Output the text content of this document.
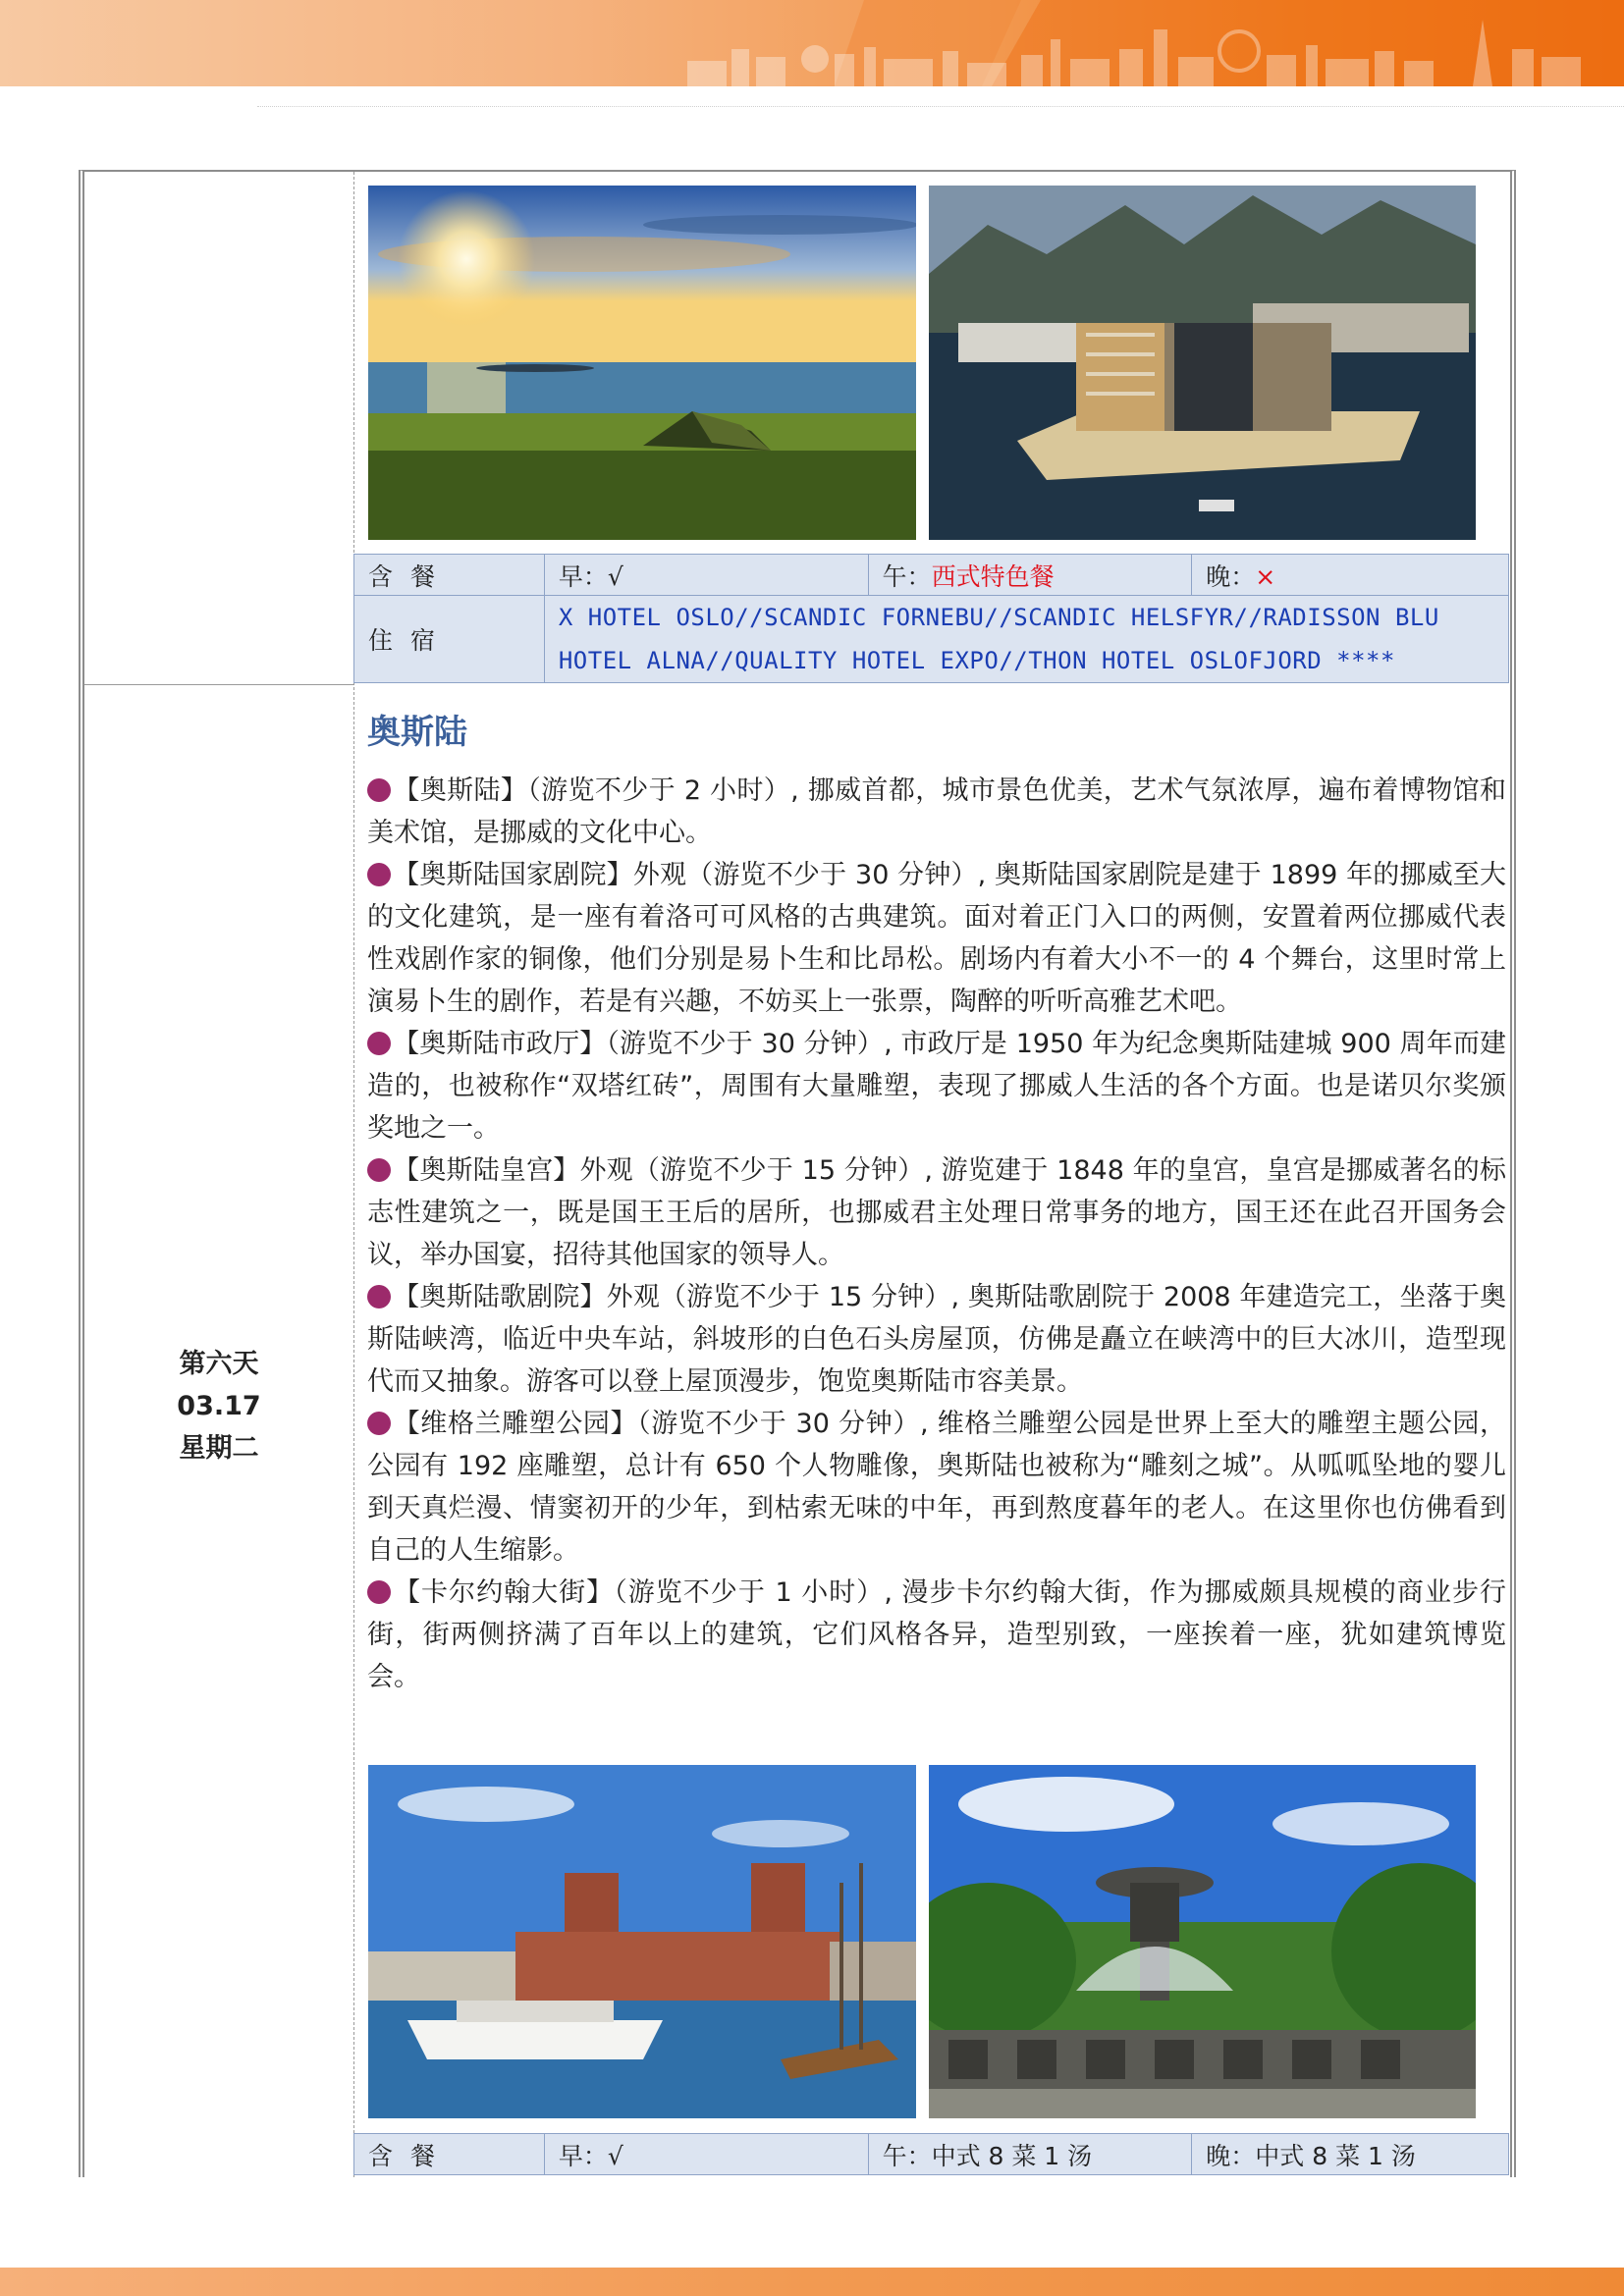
含餐	早：√	午：西式特色餐	晚：×
住宿	X HOTEL OSLO//SCANDIC FORNEBU//SCANDIC HELSFYR//RADISSON BLU
HOTEL ALNA//QUALITY HOTEL EXPO//THON HOTEL OSLOFJORD ****		
第六天
03.17
星期二
奥斯陆

【奥斯陆】（游览不少于 2 小时）, 挪威首都，城市景色优美，艺术气氛浓厚，遍布着博物馆和美术馆，是挪威的文化中心。

【奥斯陆国家剧院】外观（游览不少于 30 分钟）, 奥斯陆国家剧院是建于 1899 年的挪威至大的文化建筑，是一座有着洛可可风格的古典建筑。面对着正门入口的两侧，安置着两位挪威代表性戏剧作家的铜像，他们分别是易卜生和比昂松。剧场内有着大小不一的 4 个舞台，这里时常上演易卜生的剧作，若是有兴趣，不妨买上一张票，陶醉的听听高雅艺术吧。

【奥斯陆市政厅】（游览不少于 30 分钟）, 市政厅是 1950 年为纪念奥斯陆建城 900 周年而建造的，也被称作“双塔红砖”，周围有大量雕塑，表现了挪威人生活的各个方面。也是诺贝尔奖颁奖地之一。

【奥斯陆皇宫】外观（游览不少于 15 分钟）, 游览建于 1848 年的皇宫，皇宫是挪威著名的标志性建筑之一，既是国王王后的居所，也挪威君主处理日常事务的地方，国王还在此召开国务会议，举办国宴，招待其他国家的领导人。

【奥斯陆歌剧院】外观（游览不少于 15 分钟）, 奥斯陆歌剧院于 2008 年建造完工，坐落于奥斯陆峡湾，临近中央车站，斜坡形的白色石头房屋顶，仿佛是矗立在峡湾中的巨大冰川，造型现代而又抽象。游客可以登上屋顶漫步，饱览奥斯陆市容美景。

【维格兰雕塑公园】（游览不少于 30 分钟）, 维格兰雕塑公园是世界上至大的雕塑主题公园，公园有 192 座雕塑，总计有 650 个人物雕像，奥斯陆也被称为“雕刻之城”。从呱呱坠地的婴儿到天真烂漫、情窦初开的少年，到枯索无味的中年，再到熬度暮年的老人。在这里你也仿佛看到自己的人生缩影。

【卡尔约翰大街】（游览不少于 1 小时）, 漫步卡尔约翰大街，作为挪威颇具规模的商业步行街，街两侧挤满了百年以上的建筑，它们风格各异，造型别致，一座挨着一座，犹如建筑博览会。

含餐	早：√	午：中式 8 菜 1 汤	晚：中式 8 菜 1 汤
